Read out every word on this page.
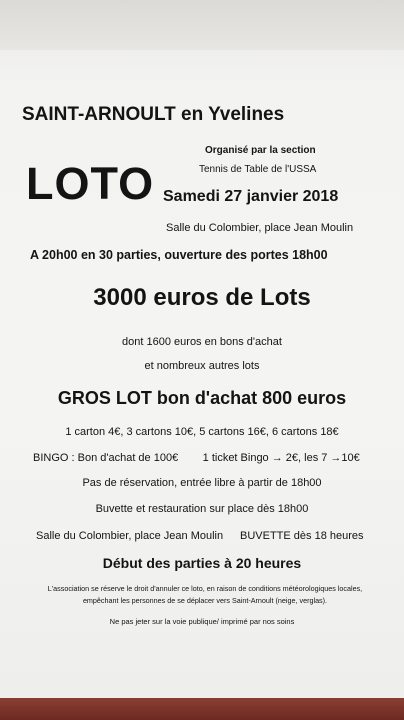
SAINT-ARNOULT en Yvelines
Organisé par la section
Tennis de Table de l'USSA
LOTO Samedi 27 janvier 2018
Salle du Colombier, place Jean Moulin
A 20h00 en 30 parties, ouverture des portes 18h00
3000 euros de Lots
dont 1600 euros en bons d'achat
et nombreux autres lots
GROS LOT bon d'achat 800 euros
1 carton 4€, 3 cartons 10€, 5 cartons 16€, 6 cartons 18€
BINGO : Bon d'achat de 100€        1 ticket Bingo → 2€, les 7 →10€
Pas de réservation, entrée libre à partir de 18h00
Buvette et restauration sur place dès 18h00
Salle du Colombier, place Jean Moulin BUVETTE dès 18 heures
Début des parties à 20 heures
L'association se réserve le droit d'annuler ce loto, en raison de conditions météorologiques locales, empêchant les personnes de se déplacer vers Saint-Arnoult (neige, verglas).
Ne pas jeter sur la voie publique/ imprimé par nos soins
